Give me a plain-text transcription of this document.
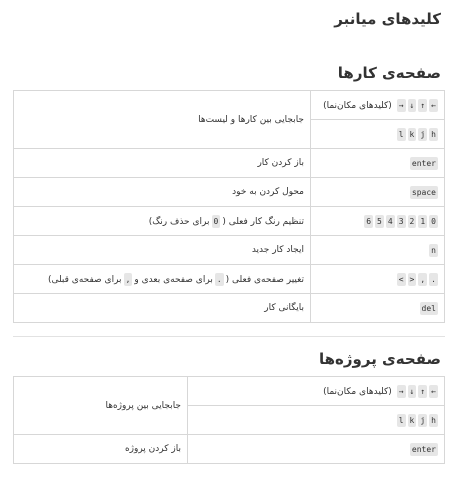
کلیدهای میانبر
صفحه‌ی کارها
←↑↓→ (کلیدهای مکان‌نما)	جابجایی بین کارها و لیست‌ها
hjkl	
enter	باز کردن کار
space	محول کردن به خود
0123456	تنظیم رنگ کار فعلی (0برای حذف رنگ)
n	ایجاد کار جدید
.,><	تغییر صفحه‌ی فعلی (.برای صفحه‌ی بعدی و,برای صفحه‌ی قبلی)
del	بایگانی کار
صفحه‌ی پروژه‌ها
←↑↓→ (کلیدهای مکان‌نما)	جابجایی بین پروژه‌ها
hjkl	
enter	باز کردن پروژه
